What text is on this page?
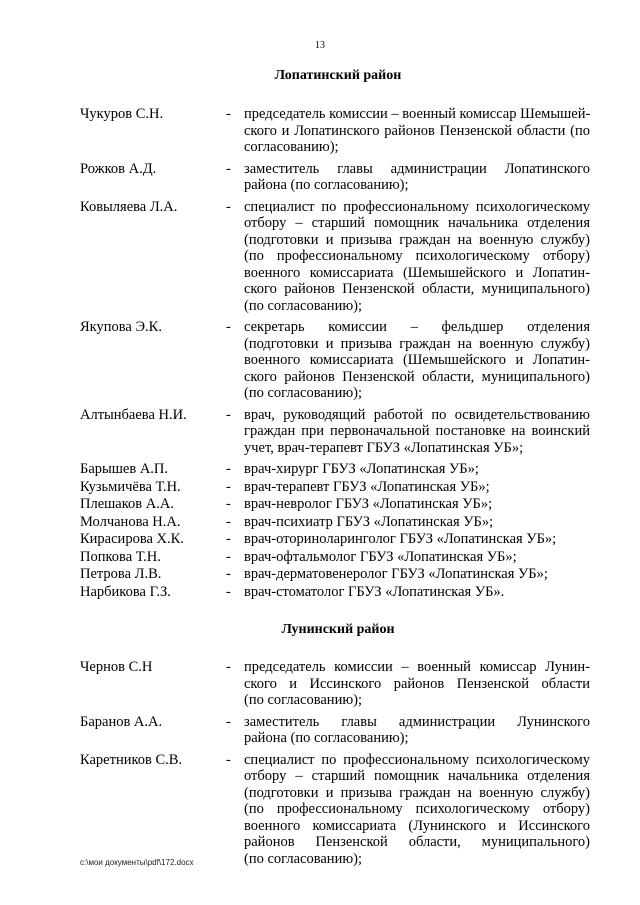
13
Лопатинский район
Чукуров С.Н.	- председатель комиссии – военный комиссар Шемышей-
ского и Лопатинского районов Пензенской области (по
согласованию);
Рожков А.Д.	- заместитель главы администрации Лопатинского
района (по согласованию);
Ковыляева Л.А.	- специалист по профессиональному психологическому
отбору – старший помощник начальника отделения
(подготовки и призыва граждан на военную службу)
(по профессиональному психологическому отбору)
военного комиссариата (Шемышейского и Лопатин-
ского районов Пензенской области, муниципального)
(по согласованию);
Якупова Э.К.	- секретарь комиссии – фельдшер отделения
(подготовки и призыва граждан на военную службу)
военного комиссариата (Шемышейского и Лопатин-
ского районов Пензенской области, муниципального)
(по согласованию);
Алтынбаева Н.И.	- врач, руководящий работой по освидетельствованию
граждан при первоначальной постановке на воинский
учет, врач-терапевт ГБУЗ «Лопатинская УБ»;
Барышев А.П.	- врач-хирург ГБУЗ «Лопатинская УБ»;
Кузьмичёва Т.Н.	- врач-терапевт ГБУЗ «Лопатинская УБ»;
Плешаков А.А.	- врач-невролог ГБУЗ «Лопатинская УБ»;
Молчанова Н.А.	- врач-психиатр ГБУЗ «Лопатинская УБ»;
Кирасирова Х.К.	- врач-оториноларинголог ГБУЗ «Лопатинская УБ»;
Попкова Т.Н.	- врач-офтальмолог ГБУЗ «Лопатинская УБ»;
Петрова Л.В.	- врач-дерматовенеролог ГБУЗ «Лопатинская УБ»;
Нарбикова Г.З.	- врач-стоматолог ГБУЗ «Лопатинская УБ».
Лунинский район
Чернов С.Н	- председатель комиссии – военный комиссар Лунин-
ского и Иссинского районов Пензенской области
(по согласованию);
Баранов А.А.	- заместитель главы администрации Лунинского
района (по согласованию);
Каретников С.В.	- специалист по профессиональному психологическому
отбору – старший помощник начальника отделения
(подготовки и призыва граждан на военную службу)
(по профессиональному психологическому отбору)
военного комиссариата (Лунинского и Иссинского
районов Пензенской области, муниципального)
(по согласованию);
c:\мои документы\pdf\172.docx
